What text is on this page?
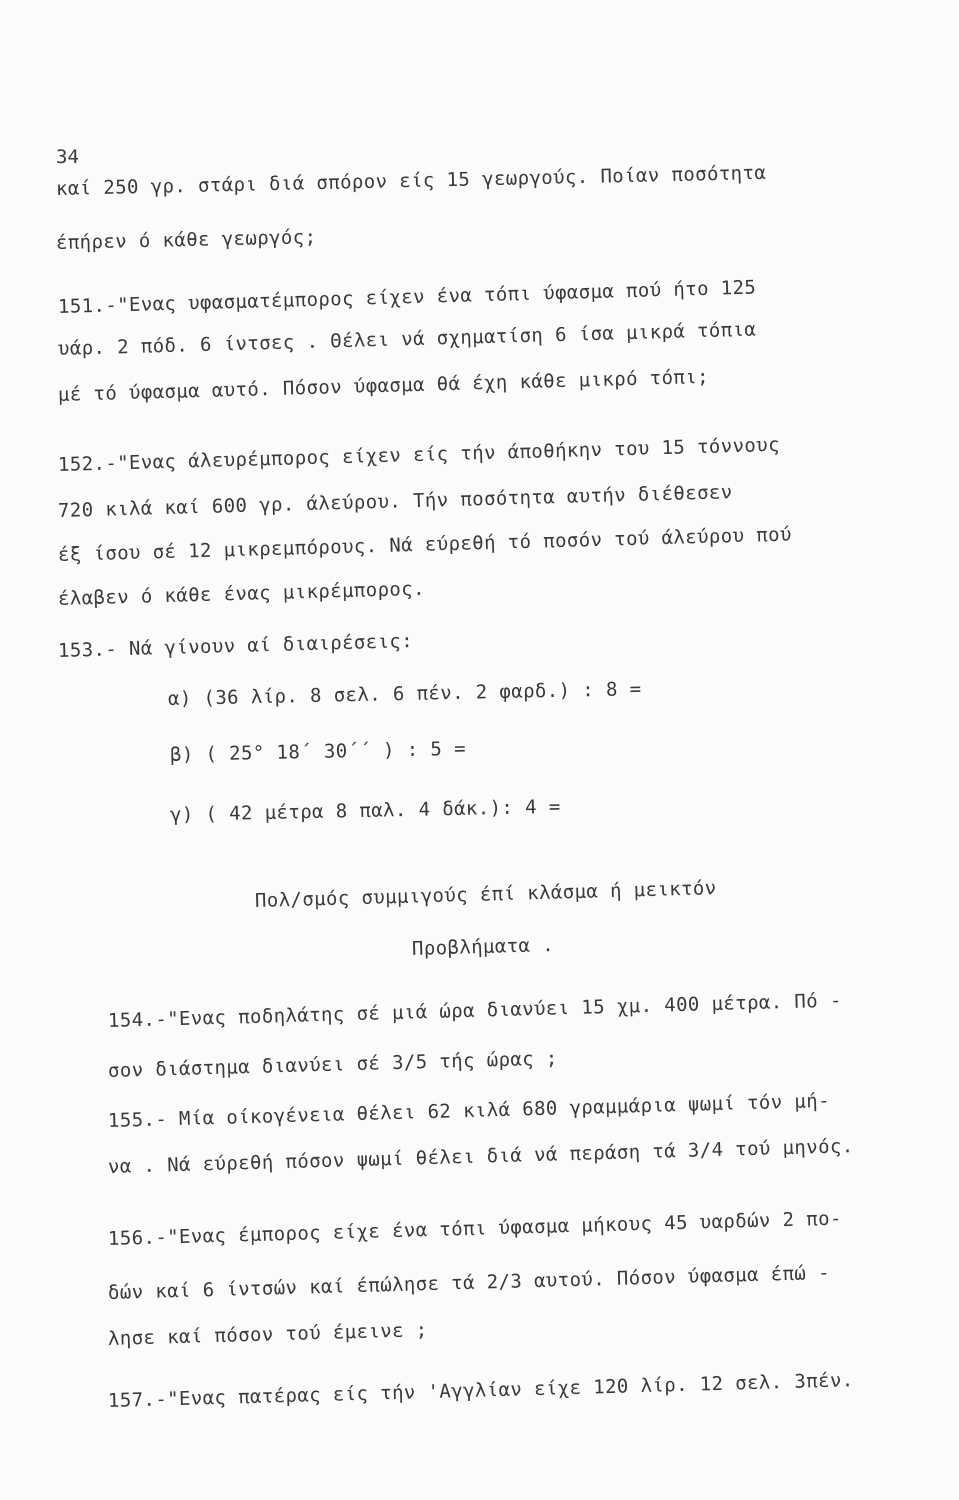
34
καί 250 γρ. στάρι διά σπόρον είς 15 γεωργούς. Ποίαν ποσότητα
έπήρεν ό κάθε γεωργός;
151.-"Ενας υφασματέμπορος είχεν ένα τόπι ύφασμα πού ήτο 125
υάρ. 2 πόδ. 6 ίντσες . Θέλει νά σχηματίση 6 ίσα μικρά τόπια
μέ τό ύφασμα αυτό. Πόσον ύφασμα θά έχη κάθε μικρό τόπι;
152.-"Ενας άλευρέμπορος είχεν είς τήν άποθήκην του 15 τόννους
720 κιλά καί 600 γρ. άλεύρου. Τήν ποσότητα αυτήν διέθεσεν
έξ ίσου σέ 12 μικρεμπόρους. Νά εύρεθή τό ποσόν τού άλεύρου πού
έλαβεν ό κάθε ένας μικρέμπορος.
153.- Νά γίνουν αί διαιρέσεις:
α) (36 λίρ. 8 σελ. 6 πέν. 2 φαρδ.) : 8 =
β) ( 25° 18΄ 30΄΄ ) : 5 =
γ) ( 42 μέτρα 8 παλ. 4 δάκ.): 4 =
Πολ/σμός συμμιγούς έπί κλάσμα ή μεικτόν
Προβλήματα .
154.-"Ενας ποδηλάτης σέ μιά ώρα διανύει 15 χμ. 400 μέτρα. Πό -
σον διάστημα διανύει σέ 3/5 τής ώρας ;
155.- Μία οίκογένεια θέλει 62 κιλά 680 γραμμάρια ψωμί τόν μή-
να . Νά εύρεθή πόσον ψωμί θέλει διά νά περάση τά 3/4 τού μηνός.
156.-"Ενας έμπορος είχε ένα τόπι ύφασμα μήκους 45 υαρδών 2 πο-
δών καί 6 ίντσών καί έπώλησε τά 2/3 αυτού. Πόσον ύφασμα έπώ -
λησε καί πόσον τού έμεινε ;
157.-"Ενας πατέρας είς τήν 'Αγγλίαν είχε 120 λίρ. 12 σελ. 3πέν.
